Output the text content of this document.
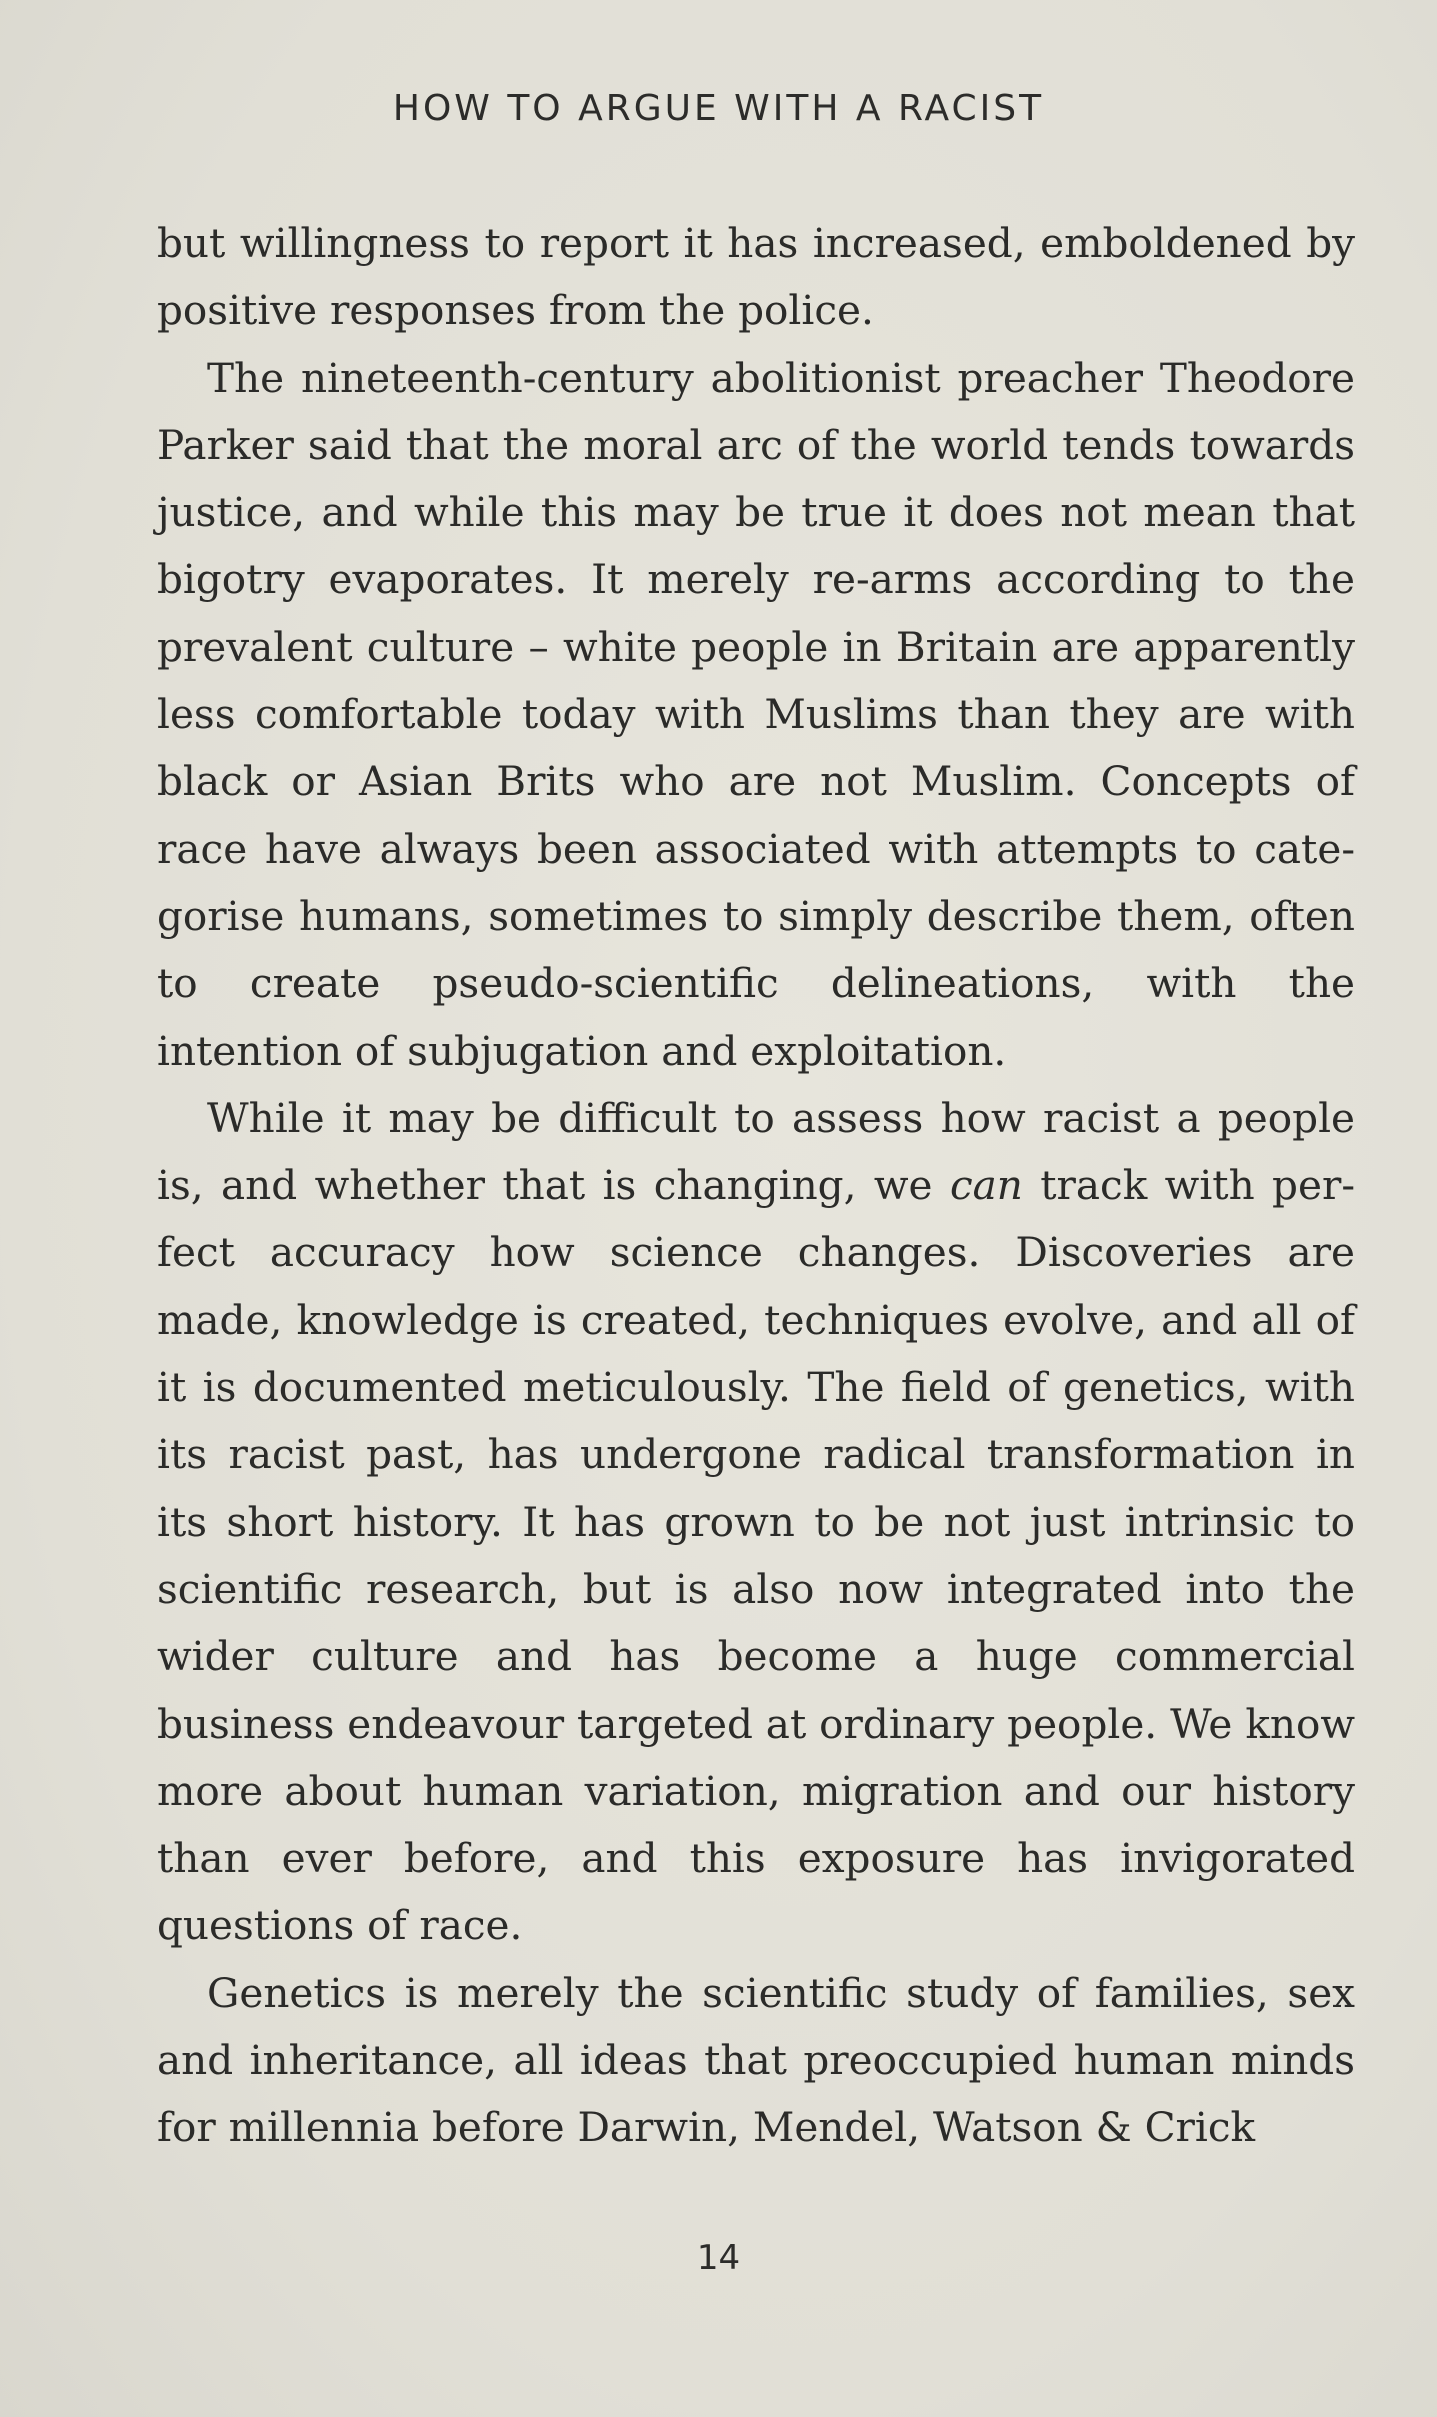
HOW TO ARGUE WITH A RACIST

but willingness to report it has increased, emboldened by positive responses from the police.

The nineteenth-century abolitionist preacher Theodore Parker said that the moral arc of the world tends towards justice, and while this may be true it does not mean that bigotry evaporates. It merely re-arms according to the prevalent culture – white people in Britain are apparently less comfortable today with Muslims than they are with black or Asian Brits who are not Muslim. Concepts of race have always been associated with attempts to categorise humans, sometimes to simply describe them, often to create pseudo-scientific delineations, with the intention of subjugation and exploitation.

While it may be difficult to assess how racist a people is, and whether that is changing, we can track with perfect accuracy how science changes. Discoveries are made, knowledge is created, techniques evolve, and all of it is documented meticulously. The field of genetics, with its racist past, has undergone radical transformation in its short history. It has grown to be not just intrinsic to scientific research, but is also now integrated into the wider culture and has become a huge commercial business endeavour targeted at ordinary people. We know more about human variation, migration and our history than ever before, and this exposure has invigorated questions of race.

Genetics is merely the scientific study of families, sex and inheritance, all ideas that preoccupied human minds for millennia before Darwin, Mendel, Watson & Crick

14
